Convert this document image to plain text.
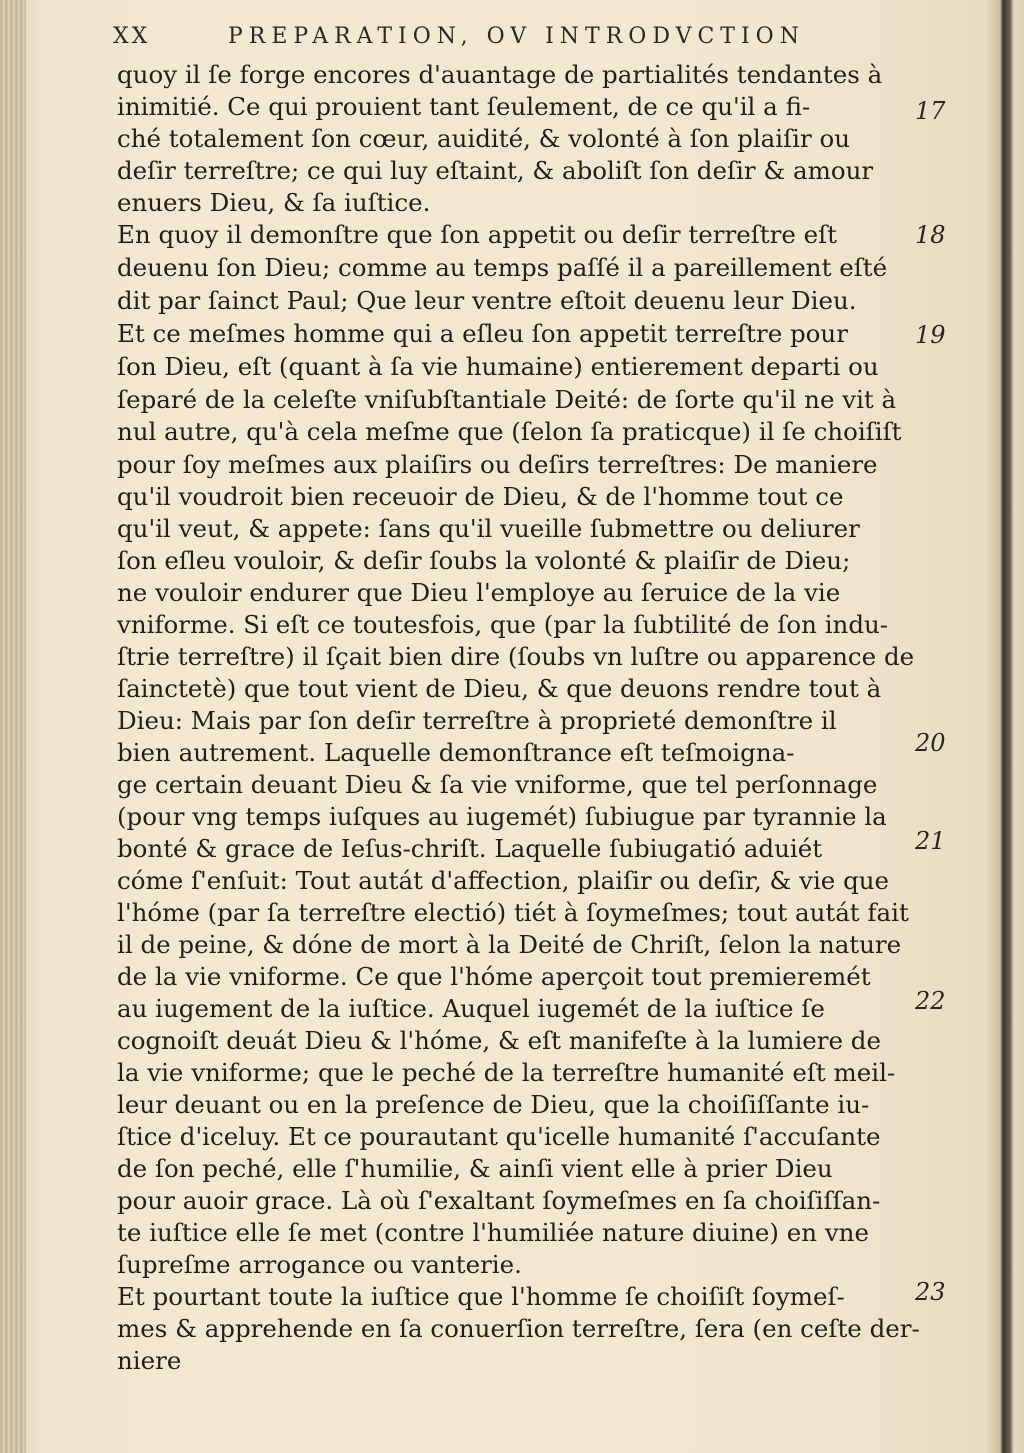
XX	PREPARATION, OV INTRODVCTION
quoy il ſe forge encores d'auantage de partialités tendantes à
inimitié. Ce qui prouient tant ſeulement, de ce qu'il a fi-
ché totalement ſon cœur, auidité, & volonté à ſon plaiſir ou
deſir terreſtre; ce qui luy eſtaint, & aboliſt ſon deſir & amour
enuers Dieu, & ſa iuſtice.
En quoy il demonſtre que ſon appetit ou deſir terreſtre eſt
deuenu ſon Dieu; comme au temps paſſé il a pareillement eſté
dit par ſainct Paul; Que leur ventre eſtoit deuenu leur Dieu.
Et ce meſmes homme qui a eſleu ſon appetit terreſtre pour
ſon Dieu, eſt (quant à ſa vie humaine) entierement departi ou
ſeparé de la celeſte vniſubſtantiale Deité: de ſorte qu'il ne vit à
nul autre, qu'à cela meſme que (ſelon ſa praticque) il ſe choiſiſt
pour ſoy meſmes aux plaiſirs ou deſirs terreſtres: De maniere
qu'il voudroit bien receuoir de Dieu, & de l'homme tout ce
qu'il veut, & appete: ſans qu'il vueille ſubmettre ou deliurer
ſon eſleu vouloir, & deſir ſoubs la volonté & plaiſir de Dieu;
ne vouloir endurer que Dieu l'employe au ſeruice de la vie
vniforme. Si eſt ce toutesfois, que (par la ſubtilité de ſon indu-
ſtrie terreſtre) il ſçait bien dire (ſoubs vn luſtre ou apparence de
ſainctetè) que tout vient de Dieu, & que deuons rendre tout à
Dieu: Mais par ſon deſir terreſtre à proprieté demonſtre il
bien autrement. Laquelle demonſtrance eſt teſmoigna-
ge certain deuant Dieu & ſa vie vniforme, que tel perſonnage
(pour vng temps iuſques au iugemét) ſubiugue par tyrannie la
bonté & grace de Ieſus-chriſt. Laquelle ſubiugatió aduiét
cóme ſ'enſuit: Tout autát d'affection, plaiſir ou deſir, & vie que
l'hóme (par ſa terreſtre electió) tiét à ſoymeſmes; tout autát fait
il de peine, & dóne de mort à la Deité de Chriſt, ſelon la nature
de la vie vniforme. Ce que l'hóme aperçoit tout premieremét
au iugement de la iuſtice. Auquel iugemét de la iuſtice ſe
cognoiſt deuát Dieu & l'hóme, & eſt manifeſte à la lumiere de
la vie vniforme; que le peché de la terreſtre humanité eſt meil-
leur deuant ou en la preſence de Dieu, que la choiſiſſante iu-
ſtice d'iceluy. Et ce pourautant qu'icelle humanité ſ'accuſante
de ſon peché, elle ſ'humilie, & ainſi vient elle à prier Dieu
pour auoir grace. Là où ſ'exaltant ſoymeſmes en ſa choiſiſſan-
te iuſtice elle ſe met (contre l'humiliée nature diuine) en vne
ſupreſme arrogance ou vanterie.
Et pourtant toute la iuſtice que l'homme ſe choiſiſt ſoymeſ-
mes & apprehende en ſa conuerſion terreſtre, ſera (en ceſte der-
niere
17
18
19
20
21
22
23
